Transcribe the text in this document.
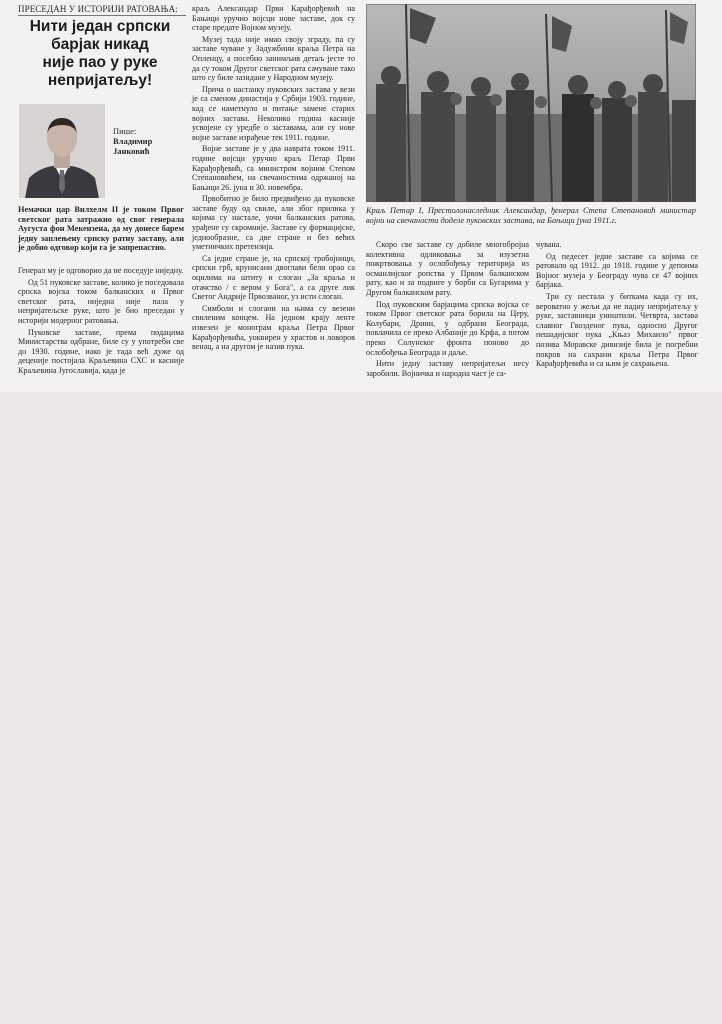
ПРЕСЕДАН У ИСТОРИЈИ РАТОВАЊА:
Нити један српски
барјак никад
није пао у руке
непријатељу!
Пише:
Владимир
Јанковић
Немачки цар Вилхелм II је током Првог светског рата затражио од свог генерала Аугуста фон Мекензена, да му донесе барем једну заплењену српску ратну заставу, али је добио одговор који га је запрепастио.

Генерал му је одговорио да не поседује ниједну.

Од 51 пуковске заставе, колико је поседовала српска војска током балканских и Првог светског рата, ниједна није пала у непријатељске руке, што је био преседан у историји модерног ратовања.

Пуковске заставе, према подацима Министарства одбране, биле су у употреби све до 1930. године, иако је тада већ дуже од деценије постојала Краљевина СХС и касније Краљевина Југославија, када је

краљ Александар Први Карађорђевић на Бањици уручио војсци нове заставе, док су старе предате Војном музеју.

Музеј тада није имао своју зграду, па су заставе чуване у Задужбини краља Петра на Опленцу, а посебно занимљив детаљ јесте то да су током Другог светског рата сачуване тако што су биле зазидане у Народном музеју.

Прича о настанку пуковских застава у вези је са сменом династија у Србији 1903. године, кад се наметнуло и питање замене старих војних застава. Неколико година касније усвојене су уредбе о заставама, али су нове војне заставе израђене тек 1911. године.

Војне заставе је у два наврата током 1911. године војсци уручио краљ Петар Први Карађорђевић, са министром војним Степом Степановићем, на свечаностима одржаној на Бањици 26. јуна и 30. новембра.

Првобитно је било предвиђено да пуковске заставе буду од свиле, али због прилика у којима су настале, уочи балканских ратова, урађене су скромније. Заставе су формацијске, једнообразне, са две стране и без већих уметничких претензија.

Са једне стране је, на српској тробојници, српски грб, крунисани двоглави бели орао са оцилима на штиту и слоган „За краља и отачство / с вером у Бога", а са друге лик Светог Андрије Првозваног, уз исти слоган.

Симболи и слогани на њима су везени свиленим концем. На једном крају ленте извезен је монограм краља Петра Првог Карађорђевића, уоквирен у храстов и ловоров венац, а на другом је назив пука.

Краљ Петар I, Престолонаследник Александар, ђенерал Степа Степановић министар војни на свечаности доделе пуковских застава, на Бањици јуна 1911.г.

Скоро све заставе су добиле многобројна колективна одликовања за изузетна пожртвовања у ослобођењу територија из османлијског ропства у Првом балканском рату, као и за подвиге у борби са Бугарима у Другом балканском рату.

Под пуковским барјацима српска војска се током Првог светског рата борила на Церу, Колубари, Дрини, у одбрани Београда, повлачила се преко Албаније до Крфа, а потом преко Солунског фронта поново до ослобођења Београда и даље.

Нити једну заставу непријатељи несу заробили. Војничка и народна част је са-

чувана.

Од педесет једне заставе са којима се ратовало од 1912. до 1918. године у депоима Војног музеја у Београду чува се 47 војних барјака.

Три су нестала у биткама када су их, вероватно у жељи да не падну непријатељу у руке, заставници уништили. Четврта, застава славног Гвозденог пука, односно Другог пешадијског пука „Књаз Михаило" првог позива Моравске дивизије била је погребни покров на сахрани краља Петра Првог Карађорђевића и са њим је сахрањена.
